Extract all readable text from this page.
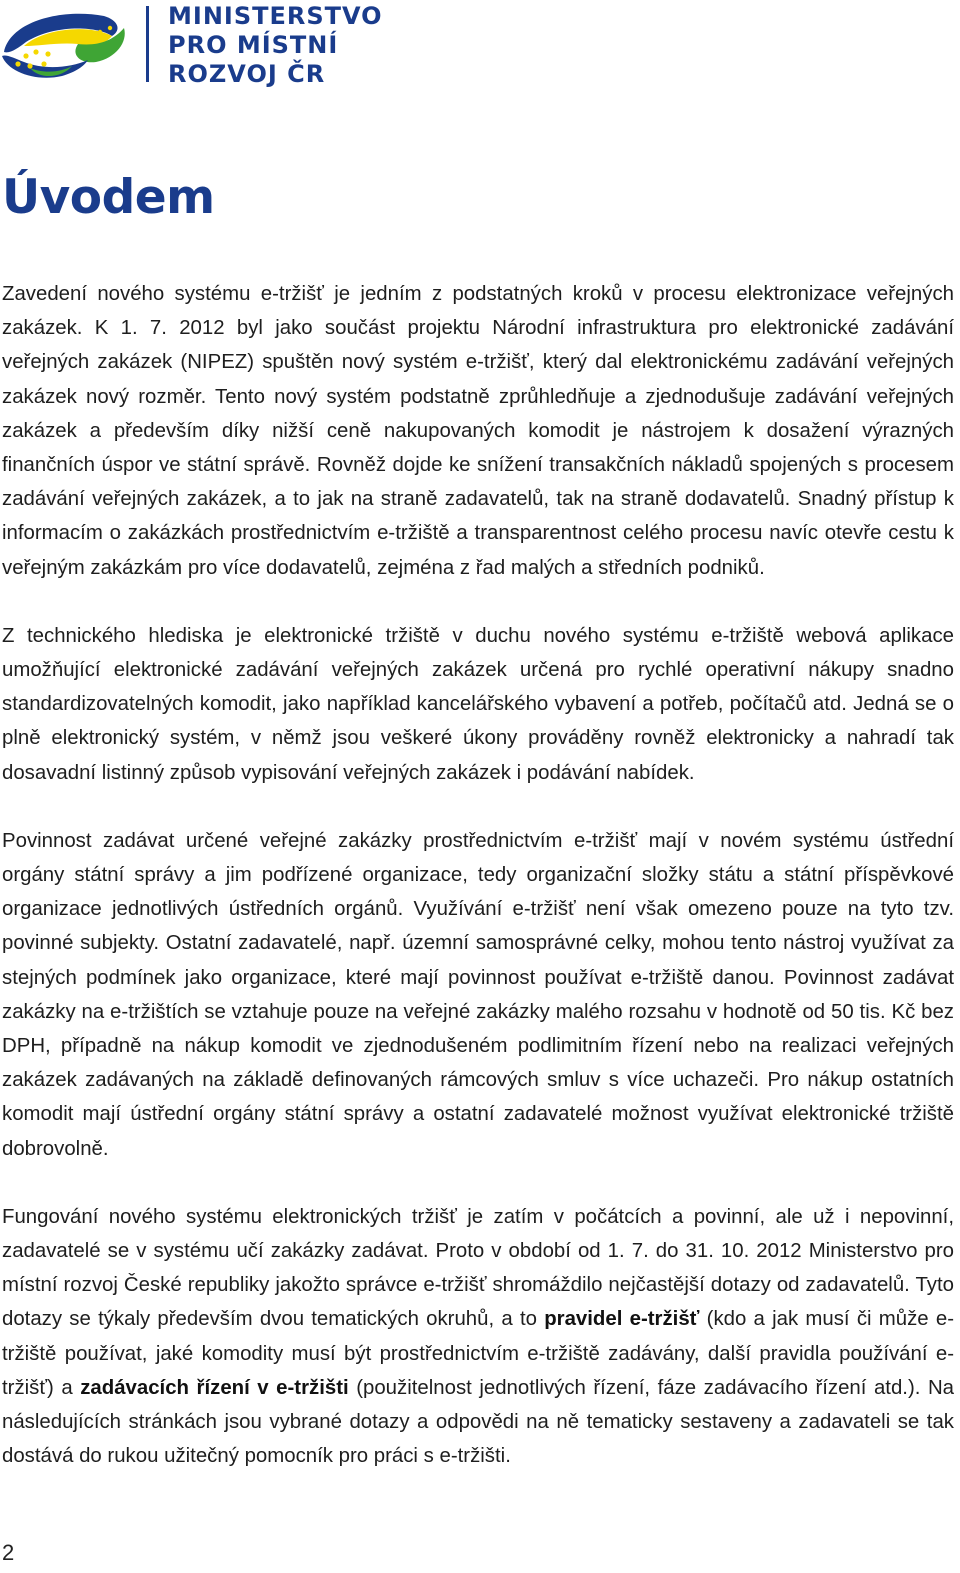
MINISTERSTVO
PRO MÍSTNÍ
ROZVOJ ČR
Úvodem

Zavedení nového systému e-tržišť je jedním z podstatných kroků v procesu elektronizace veřejných zakázek. K 1. 7. 2012 byl jako součást projektu Národní infrastruktura pro elektronické zadávání veřejných zakázek (NIPEZ) spuštěn nový systém e-tržišť, který dal elektronickému zadávání veřejných zakázek nový rozměr. Tento nový systém podstatně zprůhledňuje a zjednodušuje zadávání veřejných zakázek a především díky nižší ceně nakupovaných komodit je nástrojem k dosažení výrazných finančních úspor ve státní správě. Rovněž dojde ke snížení transakčních nákladů spojených s procesem zadávání veřejných zakázek, a to jak na straně zadavatelů, tak na straně dodavatelů. Snadný přístup k informacím o zakázkách prostřednictvím e-tržiště a transparentnost celého procesu navíc otevře cestu k veřejným zakázkám pro více dodavatelů, zejména z řad malých a středních podniků.

Z technického hlediska je elektronické tržiště v duchu nového systému e-tržiště webová aplikace umožňující elektronické zadávání veřejných zakázek určená pro rychlé operativní nákupy snadno standardizovatelných komodit, jako například kancelářského vybavení a potřeb, počítačů atd. Jedná se o plně elektronický systém, v němž jsou veškeré úkony prováděny rovněž elektronicky a nahradí tak dosavadní listinný způsob vypisování veřejných zakázek i podávání nabídek.

Povinnost zadávat určené veřejné zakázky prostřednictvím e-tržišť mají v novém systému ústřední orgány státní správy a jim podřízené organizace, tedy organizační složky státu a státní příspěvkové organizace jednotlivých ústředních orgánů. Využívání e-tržišť není však omezeno pouze na tyto tzv. povinné subjekty. Ostatní zadavatelé, např. územní samosprávné celky, mohou tento nástroj využívat za stejných podmínek jako organizace, které mají povinnost používat e-tržiště danou. Povinnost zadávat zakázky na e-tržištích se vztahuje pouze na veřejné zakázky malého rozsahu v hodnotě od 50 tis. Kč bez DPH, případně na nákup komodit ve zjednodušeném podlimitním řízení nebo na realizaci veřejných zakázek zadávaných na základě definovaných rámcových smluv s více uchazeči. Pro nákup ostatních komodit mají ústřední orgány státní správy a ostatní zadavatelé možnost využívat elektronické tržiště dobrovolně.

Fungování nového systému elektronických tržišť je zatím v počátcích a povinní, ale už i nepovinní, zadavatelé se v systému učí zakázky zadávat. Proto v období od 1. 7. do 31. 10. 2012 Ministerstvo pro místní rozvoj České republiky jakožto správce e-tržišť shromáždilo nejčastější dotazy od zadavatelů. Tyto dotazy se týkaly především dvou tematických okruhů, a to pravidel e-tržišť (kdo a jak musí či může e-tržiště používat, jaké komodity musí být prostřednictvím e-tržiště zadávány, další pravidla používání e-tržišť) a zadávacích řízení v e-tržišti (použitelnost jednotlivých řízení, fáze zadávacího řízení atd.). Na následujících stránkách jsou vybrané dotazy a odpovědi na ně tematicky sestaveny a zadavateli se tak dostává do rukou užitečný pomocník pro práci s e-tržišti.

2
